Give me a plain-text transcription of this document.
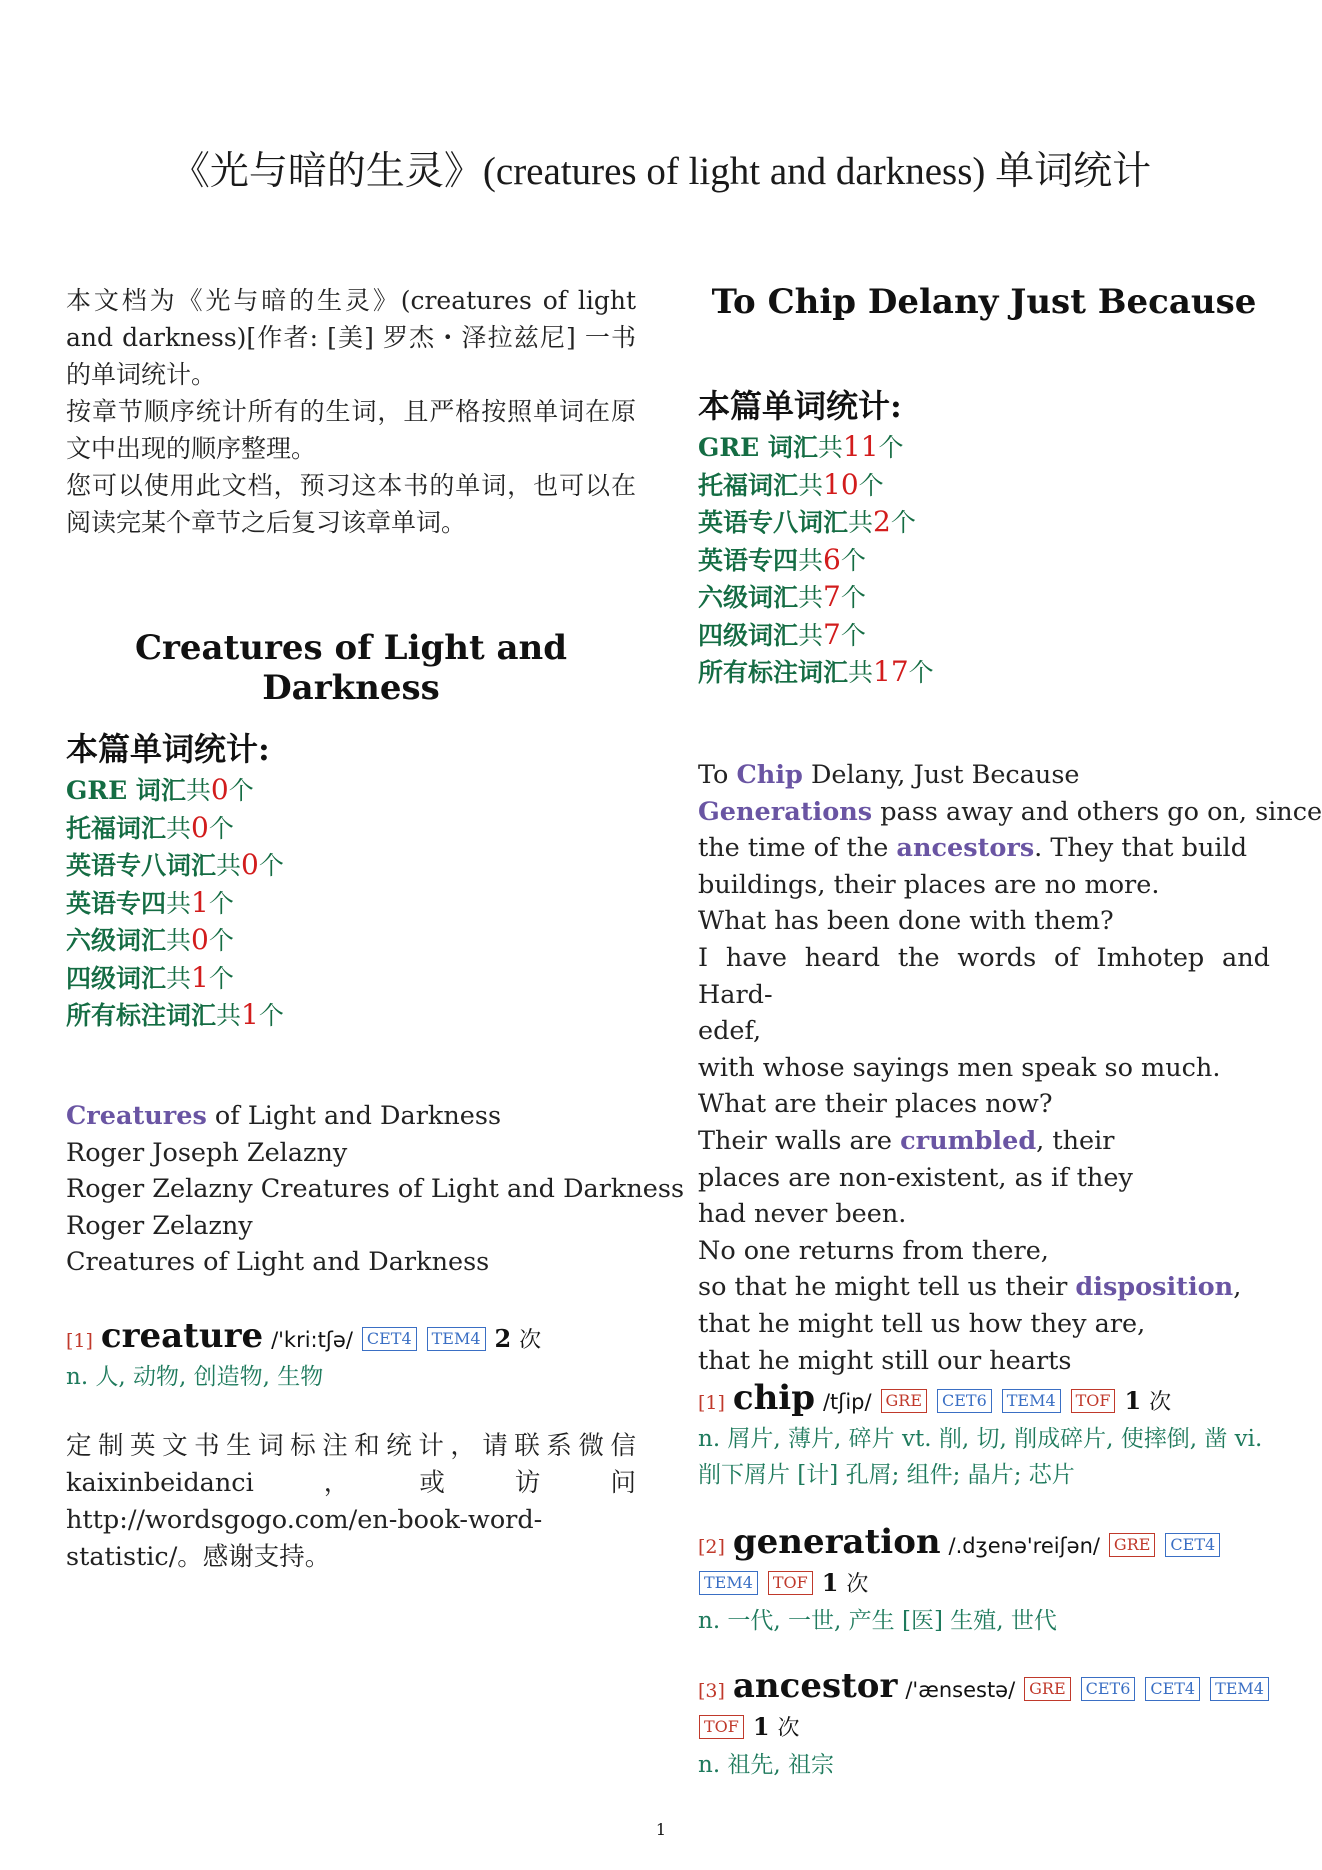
《光与暗的生灵》(creatures of light and darkness) 单词统计

本文档为《光与暗的生灵》(creatures of light and darkness)[作者: [美] 罗杰・泽拉兹尼] 一书的单词统计。

按章节顺序统计所有的生词，且严格按照单词在原文中出现的顺序整理。

您可以使用此文档，预习这本书的单词，也可以在阅读完某个章节之后复习该章单词。

Creatures of Light and Darkness
本篇单词统计:
GRE 词汇共0个
托福词汇共0个
英语专八词汇共0个
英语专四共1个
六级词汇共0个
四级词汇共1个
所有标注词汇共1个
Creatures of Light and Darkness
Roger Joseph Zelazny
Roger Zelazny Creatures of Light and Darkness
Roger Zelazny
Creatures of Light and Darkness
[1] creature /'kri:tʃə/ CET4 TEM4 2 次
n. 人, 动物, 创造物, 生物

定制英文书生词标注和统计，请联系微信 kaixinbeidanci，或访问 http://wordsgogo.com/en-book-word-statistic/。感谢支持。

To Chip Delany Just Because
本篇单词统计:
GRE 词汇共11个
托福词汇共10个
英语专八词汇共2个
英语专四共6个
六级词汇共7个
四级词汇共7个
所有标注词汇共17个
To Chip Delany, Just Because
Generations pass away and others go on, since
the time of the ancestors. They that build
buildings, their places are no more.
What has been done with them?
I have heard the words of Imhotep and Hard-
edef,
with whose sayings men speak so much.
What are their places now?
Their walls are crumbled, their
places are non-existent, as if they
had never been.
No one returns from there,
so that he might tell us their disposition,
that he might tell us how they are,
that he might still our hearts
[1] chip /tʃip/ GRE CET6 TEM4 TOF 1 次
n. 屑片, 薄片, 碎片 vt. 削, 切, 削成碎片, 使摔倒, 凿 vi. 削下屑片 [计] 孔屑; 组件; 晶片; 芯片
[2] generation /.dʒenə'reiʃən/ GRE CET4 TEM4 TOF 1 次
n. 一代, 一世, 产生 [医] 生殖, 世代
[3] ancestor /'ænsestə/ GRE CET6 CET4 TEM4 TOF 1 次
n. 祖先, 祖宗
1
